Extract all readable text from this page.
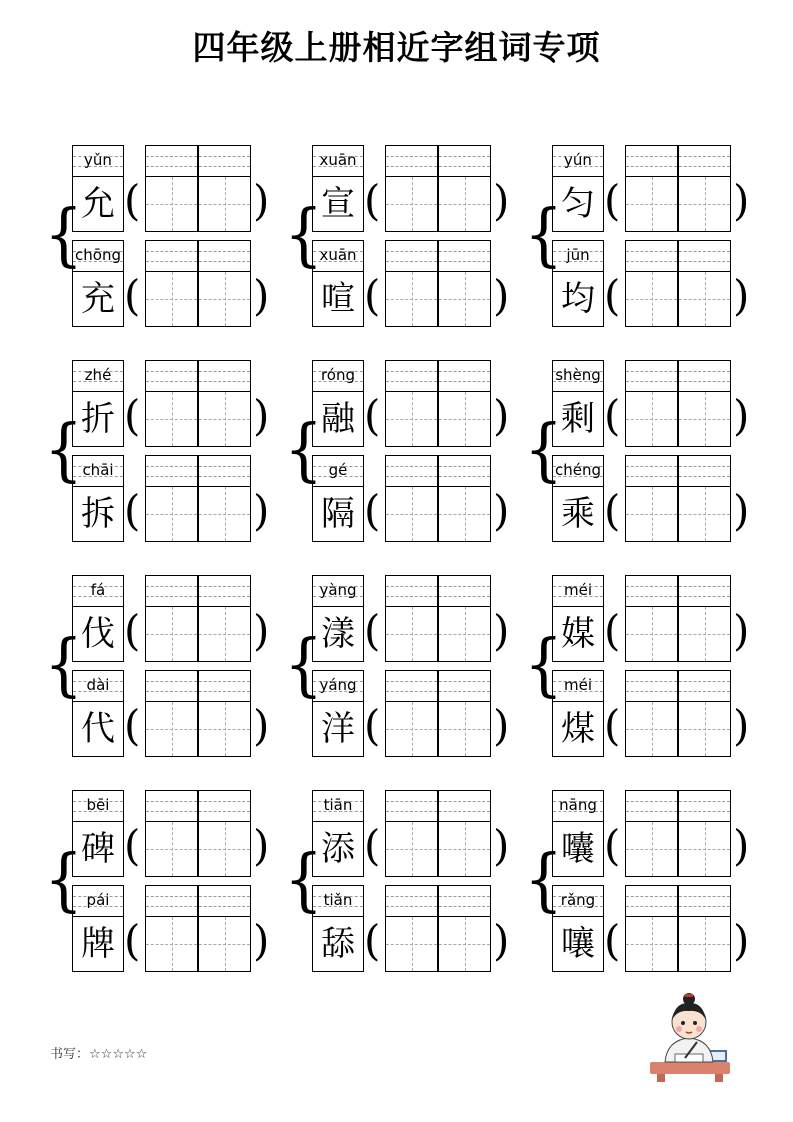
四年级上册相近字组词专项
{
yǔn
允 (	)
chōng
充 (	)
{
xuān
宣 (	)
xuān
喧 (	)
{
yún
匀 (	)
jūn
均 (	)
{
zhé
折 (	)
chāi
拆 (	)
{
róng
融 (	)
gé
隔 (	)
{
shèng
剩 (	)
chéng
乘 (	)
{
fá
伐 (	)
dài
代 (	)
{
yàng
漾 (	)
yáng
洋 (	)
{
méi
媒 (	)
méi
煤 (	)
{
bēi
碑 (	)
pái
牌 (	)
{
tiān
添 (	)
tiǎn
舔 (	)
{
nāng
囔 (	)
rǎng
嚷 (	)
书写：☆☆☆☆☆
